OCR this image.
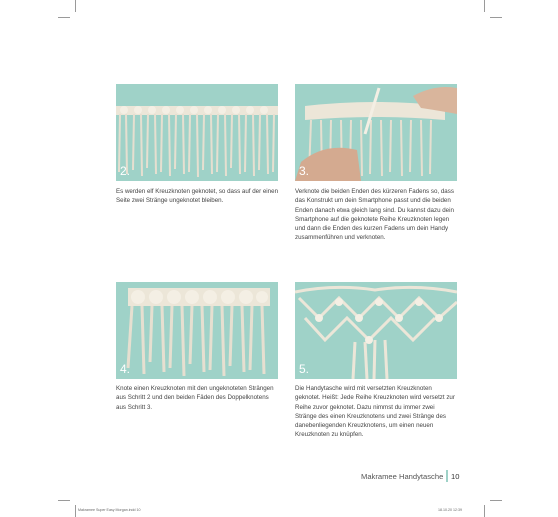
2.	3.
4.	5.

Es werden elf Kreuzknoten geknotet, so dass auf der einen Seite zwei Stränge ungeknotet bleiben.

Verknote die beiden Enden des kürzeren Fadens so, dass das Konstrukt um dein Smartphone passt und die beiden Enden danach etwa gleich lang sind. Du kannst dazu dein Smartphone auf die geknotete Reihe Kreuzknoten legen und dann die Enden des kurzen Fadens um dein Handy zusammenführen und verknoten.

Knote einen Kreuzknoten mit den ungeknoteten Strängen aus Schritt 2 und den beiden Fäden des Doppelknotens aus Schritt 3.

Die Handytasche wird mit versetzten Kreuzknoten geknotet. Heißt: Jede Reihe Kreuzknoten wird versetzt zur Reihe zuvor geknotet. Dazu nimmst du immer zwei Stränge des einen Kreuzknotens und zwei Stränge des danebenliegenden Kreuzknotens, um einen neuen Kreuzknoten zu knüpfen.

Makramee Handytasche 10
Makramee Super Easy Morgan.indd 10	18.10.20 12:39
